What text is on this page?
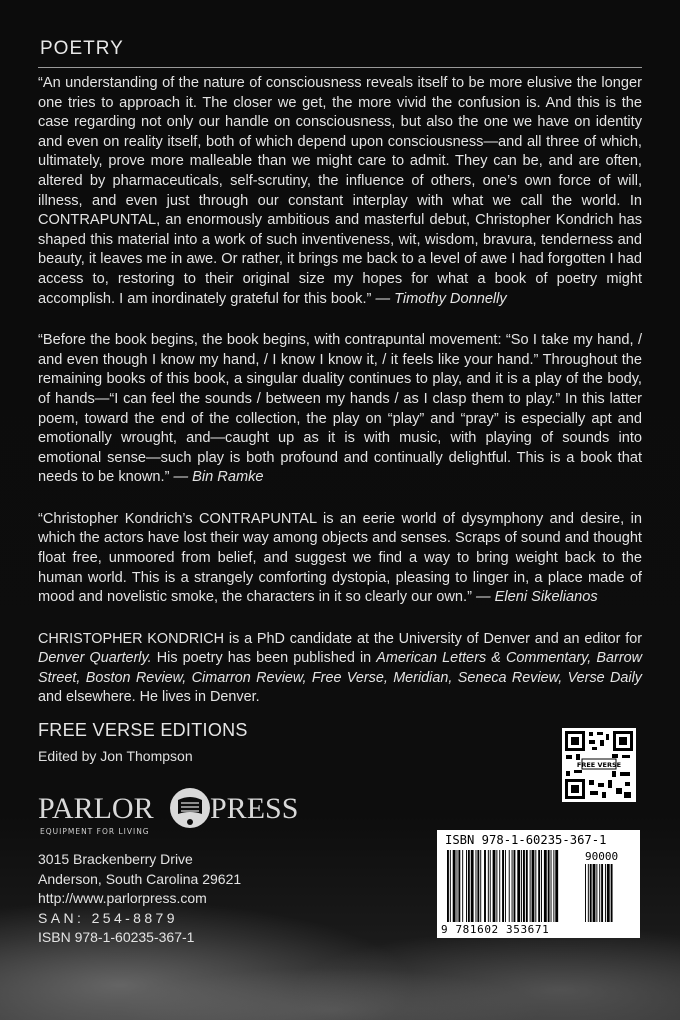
POETRY

“An understanding of the nature of consciousness reveals itself to be more elusive the longer one tries to approach it. The closer we get, the more vivid the confusion is. And this is the case regarding not only our handle on consciousness, but also the one we have on identity and even on reality itself, both of which depend upon consciousness—and all three of which, ultimately, prove more malleable than we might care to admit. They can be, and are often, altered by pharmaceuticals, self-scrutiny, the influence of others, one’s own force of will, illness, and even just through our constant interplay with what we call the world. In CONTRAPUNTAL, an enormously ambitious and masterful debut, Christopher Kondrich has shaped this material into a work of such inventiveness, wit, wisdom, bravura, tenderness and beauty, it leaves me in awe. Or rather, it brings me back to a level of awe I had forgotten I had access to, restoring to their original size my hopes for what a book of poetry might accomplish. I am inordinately grateful for this book.” — Timothy Donnelly

“Before the book begins, the book begins, with contrapuntal movement: “So I take my hand, / and even though I know my hand, / I know I know it, / it feels like your hand.” Throughout the remaining books of this book, a singular duality continues to play, and it is a play of the body, of hands—“I can feel the sounds / between my hands / as I clasp them to play.” In this latter poem, toward the end of the collection, the play on “play” and “pray” is especially apt and emotionally wrought, and—caught up as it is with music, with playing of sounds into emotional sense—such play is both profound and continually delightful. This is a book that needs to be known.” — Bin Ramke

“Christopher Kondrich’s CONTRAPUNTAL is an eerie world of dysymphony and desire, in which the actors have lost their way among objects and senses. Scraps of sound and thought float free, unmoored from belief, and suggest we find a way to bring weight back to the human world. This is a strangely comforting dystopia, pleasing to linger in, a place made of mood and novelistic smoke, the characters in it so clearly our own.” — Eleni Sikelianos

CHRISTOPHER KONDRICH is a PhD candidate at the University of Denver and an editor for Denver Quarterly. His poetry has been published in American Letters & Commentary, Barrow Street, Boston Review, Cimarron Review, Free Verse, Meridian, Seneca Review, Verse Daily and elsewhere. He lives in Denver.

FREE VERSE EDITIONS
Edited by Jon Thompson
PARLOR PRESS
EQUIPMENT FOR LIVING
3015 Brackenberry Drive
Anderson, South Carolina 29621
http://www.parlorpress.com
SAN: 254-8879
ISBN 978-1-60235-367-1
FREE VERSE
ISBN 978-1-60235-367-1
90000
9 781602 353671
